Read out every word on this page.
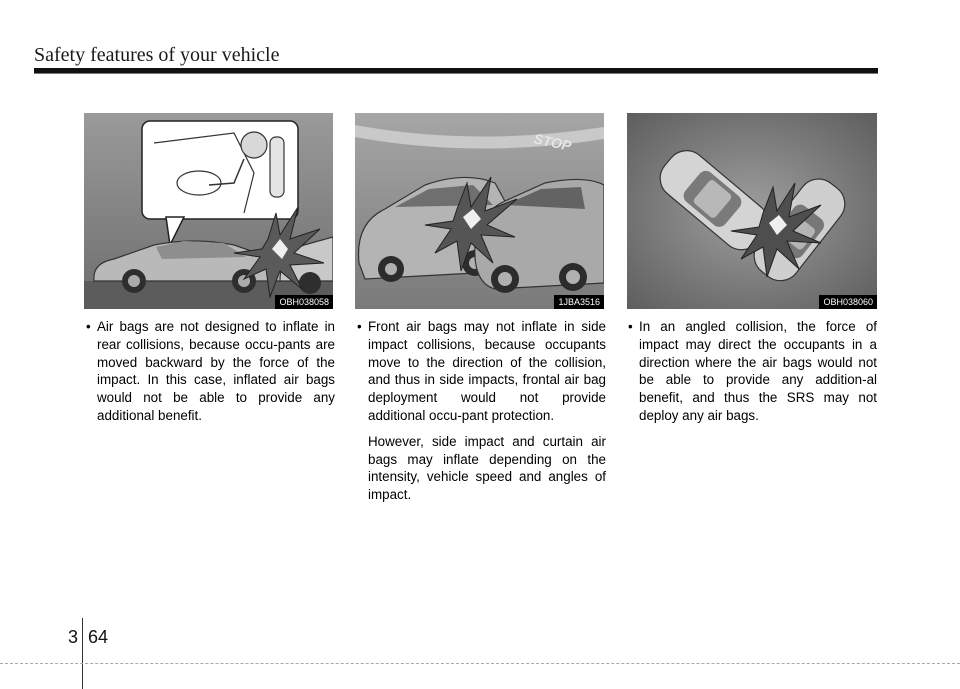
Safety features of your vehicle
OBH038058
STOP
1JBA3516	OBH038060
• Air bags are not designed to inflate in rear collisions, because occu-pants are moved backward by the force of the impact. In this case, inflated air bags would not be able to provide any additional benefit.
• Front air bags may not inflate in side impact collisions, because occupants move to the direction of the collision, and thus in side impacts, frontal air bag deployment would not provide additional occu-pant protection.
However, side impact and curtain air bags may inflate depending on the intensity, vehicle speed and angles of impact.
• In an angled collision, the force of impact may direct the occupants in a direction where the air bags would not be able to provide any addition-al benefit, and thus the SRS may not deploy any air bags.
3 64
